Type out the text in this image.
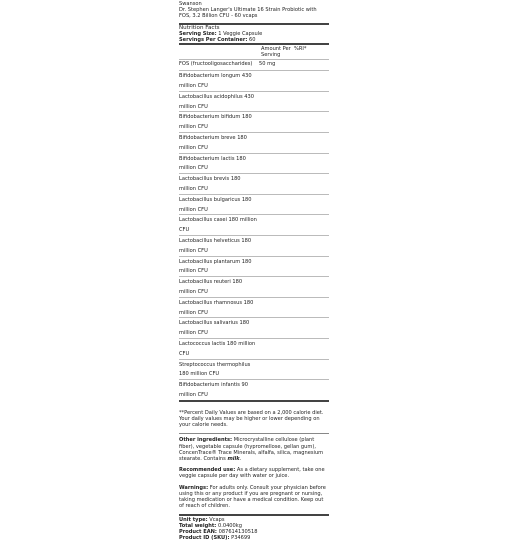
Swanson
Dr. Stephen Langer's Ultimate 16 Strain Probiotic with FOS, 3.2 Billion CFU - 60 vcaps
Nutrition Facts
Serving Size: 1 Veggie Capsule
Servings Per Container: 60
Amount Per Serving
%RI*
FOS (fructooligosaccharides)	50 mg
Bifidobacterium longum 430 million CFU
Lactobacillus acidophilus 430 million CFU
Bifidobacterium bifidum 180 million CFU
Bifidobacterium breve 180 million CFU
Bifidobacterium lactis 180 million CFU
Lactobacillus brevis 180 million CFU
Lactobacillus bulgaricus 180 million CFU
Lactobacillus casei 180 million CFU
Lactobacillus helveticus 180 million CFU
Lactobacillus plantarum 180 million CFU
Lactobacillus reuteri 180 million CFU
Lactobacillus rhamnosus 180 million CFU
Lactobacillus salivarius 180 million CFU
Lactococcus lactis 180 million CFU
Streptococcus thermophilus 180 million CFU
Bifidobacterium infantis 90 million CFU
**Percent Daily Values are based on a 2,000 calorie diet. Your daily values may be higher or lower depending on your calorie needs.
Other ingredients: Microcrystalline cellulose (plant fiber), vegetable capsule (hypromellose, gellan gum), ConcenTrace® Trace Minerals, alfalfa, silica, magnesium stearate. Contains milk.
Recommended use: As a dietary supplement, take one veggie capsule per day with water or juice.
Warnings: For adults only. Consult your physician before using this or any product if you are pregnant or nursing, taking medication or have a medical condition. Keep out of reach of children.
Unit type: Vcaps
Total weight: 0.0400kg
Product EAN: 087614130518
Product ID (SKU): P34699
